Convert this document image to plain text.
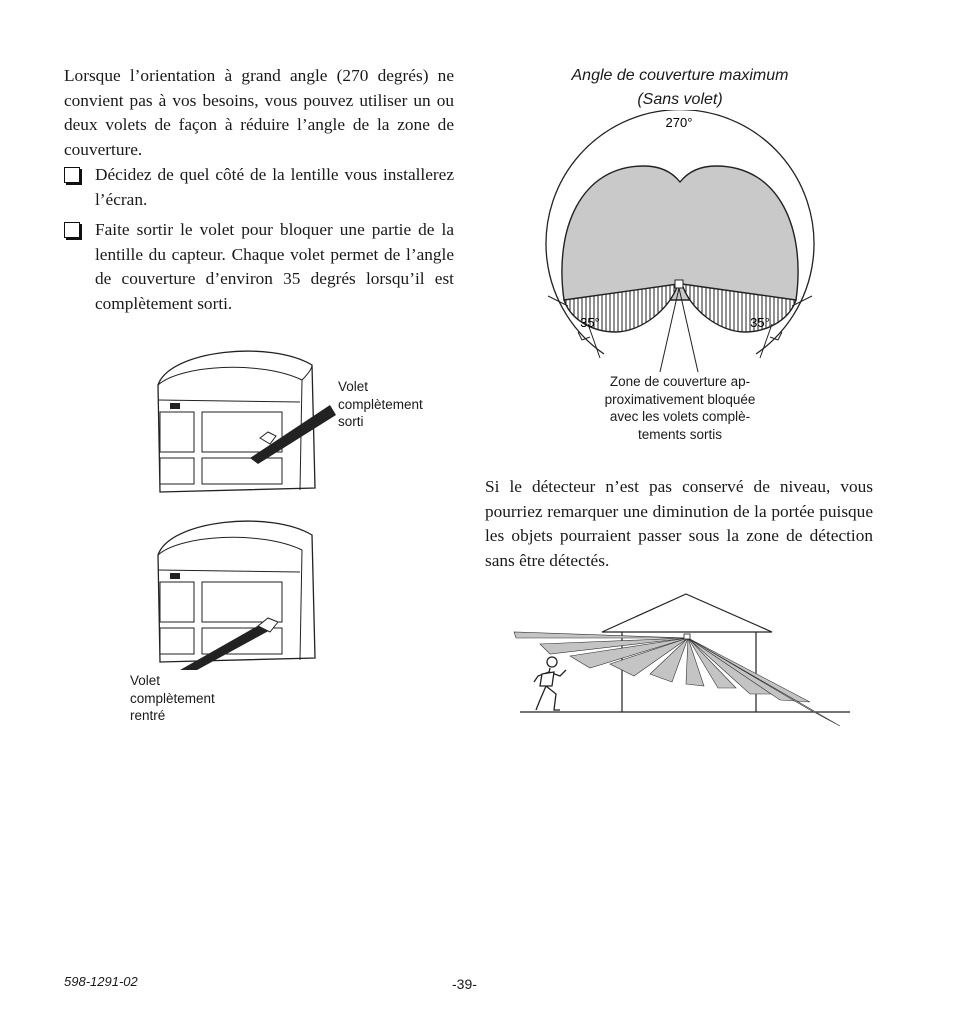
Lorsque l’orientation à grand angle (270 degrés) ne convient pas à vos besoins, vous pouvez utiliser un ou deux volets de façon à réduire l’angle de la zone de couverture.

Décidez de quel côté de la lentille vous installerez l’écran.
Faite sortir le volet pour bloquer une partie de la lentille du capteur. Chaque volet permet de l’angle de couverture d’environ 35 degrés lorsqu’il est complètement sorti.
Volet
complètement
sorti
Volet
complètement
rentré
Angle de couverture maximum
(Sans volet)
270°
35°	35°
Zone de couverture ap-
proximativement bloquée
avec les volets complè-
tements sortis

Si le détecteur n’est pas conservé de niveau, vous pourriez remarquer une diminution de la portée puisque les objets pourraient passer sous la zone de détection sans être détectés.

598-1291-02	-39-
